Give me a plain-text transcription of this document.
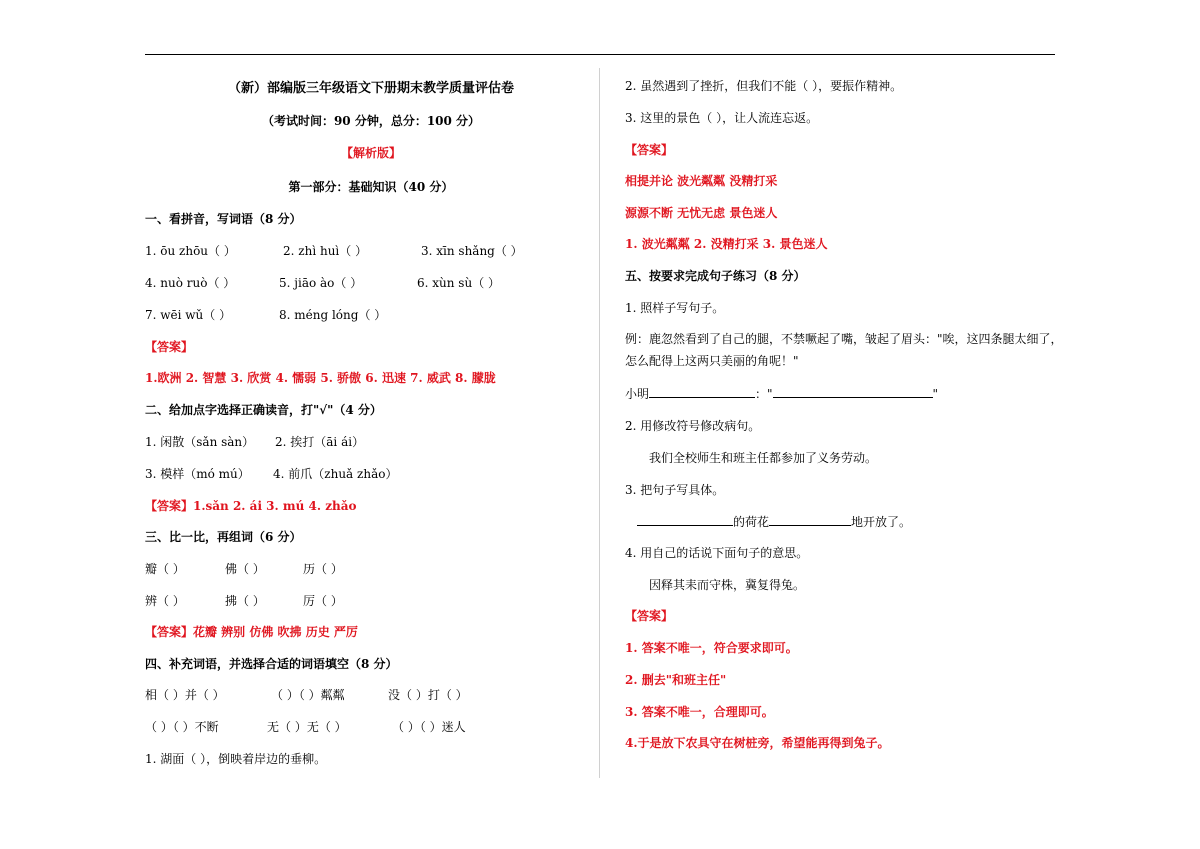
（新）部编版三年级语文下册期末教学质量评估卷
（考试时间：90 分钟，总分：100 分）
【解析版】
第一部分：基础知识（40 分）
一、看拼音，写词语（8 分）
1. ōu zhōu（ ）	2. zhì huì（ ）	3. xīn shǎng（ ）
4. nuò ruò（ ）	5. jiāo ào（ ）	6. xùn sù（ ）
7. wēi wǔ（ ）	8. méng lóng（ ）
【答案】
1.欧洲 2. 智慧 3. 欣赏 4. 懦弱 5. 骄傲 6. 迅速 7. 威武 8. 朦胧
二、给加点字选择正确读音，打"√"（4 分）
1. 闲散（sǎn sàn） 2. 挨打（āi ái）
3. 模样（mó mú） 4. 前爪（zhuǎ zhǎo）
【答案】1.sǎn 2. ái 3. mú 4. zhǎo
三、比一比，再组词（6 分）
瓣（ ）	佛（ ）	历（ ）
辨（ ）	拂（ ）	厉（ ）
【答案】花瓣 辨别 仿佛 吹拂 历史 严厉
四、补充词语，并选择合适的词语填空（8 分）
相（ ）并（ ）	（ ）（ ）粼粼	没（ ）打（ ）
（ ）（ ）不断	无（ ）无（ ）	（ ）（ ）迷人
1. 湖面（ ），倒映着岸边的垂柳。
2. 虽然遇到了挫折，但我们不能（ ），要振作精神。
3. 这里的景色（ ），让人流连忘返。
【答案】
相提并论 波光粼粼 没精打采
源源不断 无忧无虑 景色迷人
1. 波光粼粼 2. 没精打采 3. 景色迷人
五、按要求完成句子练习（8 分）
1. 照样子写句子。
例：鹿忽然看到了自己的腿，不禁噘起了嘴，皱起了眉头："唉，这四条腿太细了，
怎么配得上这两只美丽的角呢！"
小明	："	"
2. 用修改符号修改病句。
我们全校师生和班主任都参加了义务劳动。
3. 把句子写具体。
的荷花	地开放了。
4. 用自己的话说下面句子的意思。
因释其耒而守株，冀复得兔。
【答案】
1. 答案不唯一，符合要求即可。
2. 删去"和班主任"
3. 答案不唯一，合理即可。
4.于是放下农具守在树桩旁，希望能再得到兔子。
